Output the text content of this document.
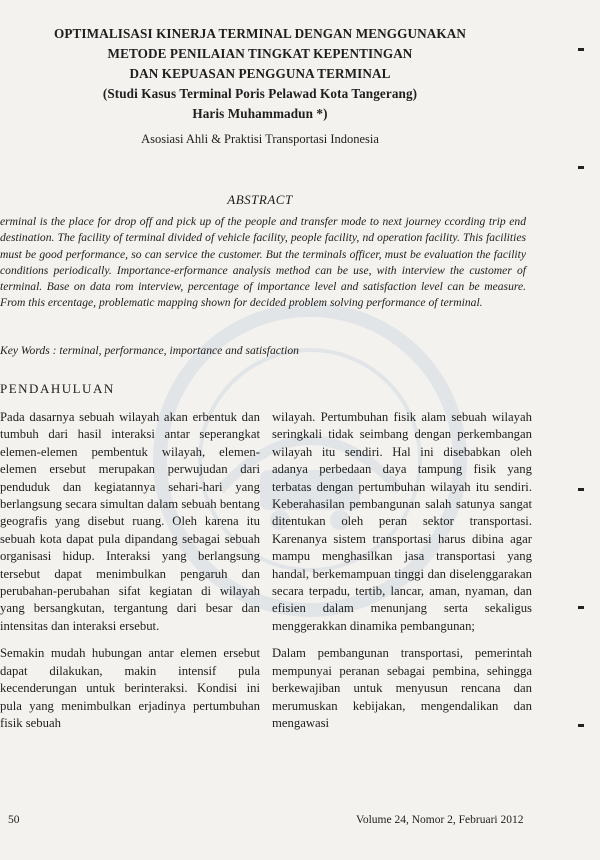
OPTIMALISASI KINERJA TERMINAL DENGAN MENGGUNAKAN
METODE PENILAIAN TINGKAT KEPENTINGAN
DAN KEPUASAN PENGGUNA TERMINAL
(Studi Kasus Terminal Poris Pelawad Kota Tangerang)
Haris Muhammadun *)
Asosiasi Ahli & Praktisi Transportasi Indonesia
ABSTRACT

erminal is the place for drop off and pick up of the people and transfer mode to next journey ccording trip end destination. The facility of terminal divided of vehicle facility, people facility, nd operation facility. This facilities must be good performance, so can service the customer. But the terminals officer, must be evaluation the facility conditions periodically. Importance-erformance analysis method can be use, with interview the customer of terminal. Base on data rom interview, percentage of importance level and satisfaction level can be measure. From this ercentage, problematic mapping shown for decided problem solving performance of terminal.

Key Words : terminal, performance, importance and satisfaction
PENDAHULUAN

Pada dasarnya sebuah wilayah akan erbentuk dan tumbuh dari hasil interaksi antar seperangkat elemen-elemen pembentuk wilayah, elemen-elemen ersebut merupakan perwujudan dari penduduk dan kegiatannya sehari-hari yang berlangsung secara simultan dalam sebuah bentang geografis yang disebut ruang. Oleh karena itu sebuah kota dapat pula dipandang sebagai sebuah organisasi hidup. Interaksi yang berlangsung tersebut dapat menimbulkan pengaruh dan perubahan-perubahan sifat kegiatan di wilayah yang bersangkutan, tergantung dari besar dan intensitas dan interaksi ersebut.

Semakin mudah hubungan antar elemen ersebut dapat dilakukan, makin intensif pula kecenderungan untuk berinteraksi. Kondisi ini pula yang menimbulkan erjadinya pertumbuhan fisik sebuah

wilayah. Pertumbuhan fisik alam sebuah wilayah seringkali tidak seimbang dengan perkembangan wilayah itu sendiri. Hal ini disebabkan oleh adanya perbedaan daya tampung fisik yang terbatas dengan pertumbuhan wilayah itu sendiri. Keberahasilan pembangunan salah satunya sangat ditentukan oleh peran sektor transportasi. Karenanya sistem transportasi harus dibina agar mampu menghasilkan jasa transportasi yang handal, berkemampuan tinggi dan diselenggarakan secara terpadu, tertib, lancar, aman, nyaman, dan efisien dalam menunjang serta sekaligus menggerakkan dinamika pembangunan;

Dalam pembangunan transportasi, pemerintah mempunyai peranan sebagai pembina, sehingga berkewajiban untuk menyusun rencana dan merumuskan kebijakan, mengendalikan dan mengawasi

50	Volume 24, Nomor 2, Februari 2012
